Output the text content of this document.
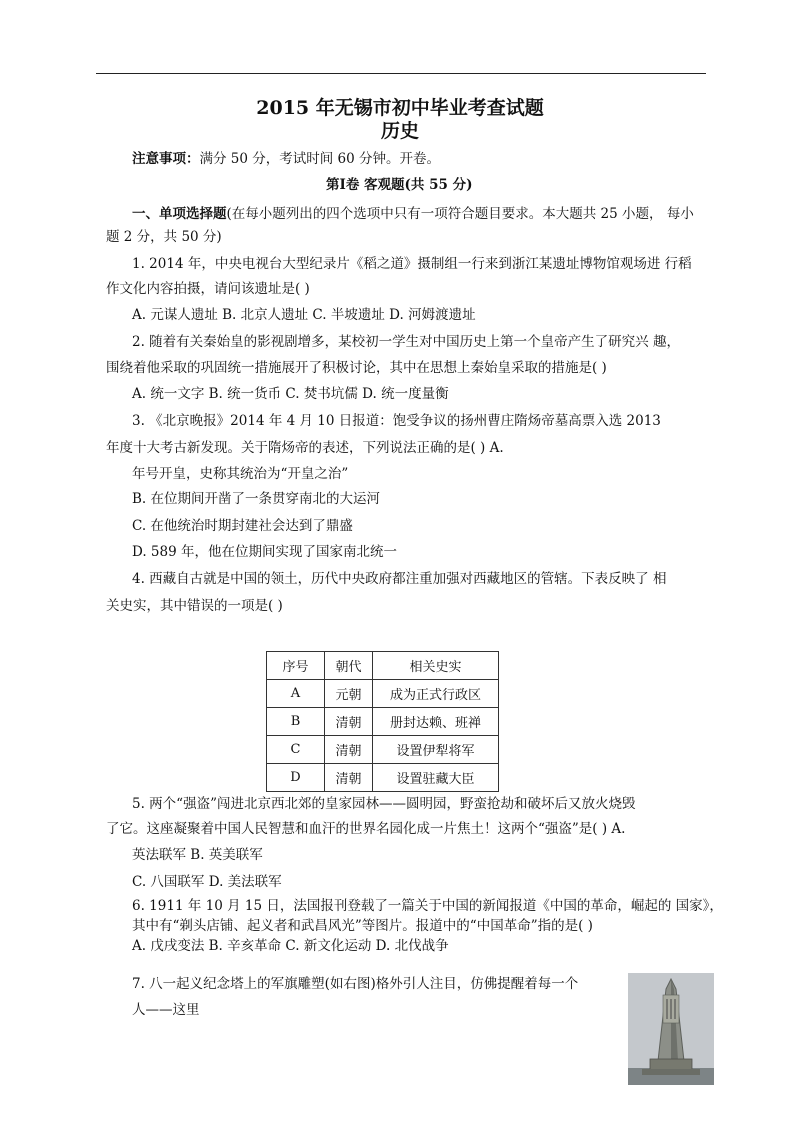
2015 年无锡市初中毕业考查试题
历史
注意事项：满分 50 分，考试时间 60 分钟。开卷。
第Ⅰ卷 客观题(共 55 分)
一、单项选择题(在每小题列出的四个选项中只有一项符合题目要求。本大题共 25 小题， 每小
题 2 分，共 50 分)
1. 2014 年，中央电视台大型纪录片《稻之道》摄制组一行来到浙江某遗址博物馆观场进 行稻
作文化内容拍摄，请问该遗址是( )
A. 元谋人遗址 B. 北京人遗址 C. 半坡遗址 D. 河姆渡遗址
2. 随着有关秦始皇的影视剧增多，某校初一学生对中国历史上第一个皇帝产生了研究兴 趣，
围绕着他采取的巩固统一措施展开了积极讨论，其中在思想上秦始皇采取的措施是( )
A. 统一文字 B. 统一货币 C. 焚书坑儒 D. 统一度量衡
3. 《北京晚报》2014 年 4 月 10 日报道：饱受争议的扬州曹庄隋炀帝墓高票入选 2013
年度十大考古新发现。关于隋炀帝的表述，下列说法正确的是( ) A.
年号开皇，史称其统治为“开皇之治”
B. 在位期间开凿了一条贯穿南北的大运河
C. 在他统治时期封建社会达到了鼎盛
D. 589 年，他在位期间实现了国家南北统一
4. 西藏自古就是中国的领土，历代中央政府都注重加强对西藏地区的管辖。下表反映了 相
关史实，其中错误的一项是( )
序号	朝代	相关史实
A	元朝	成为正式行政区
B	清朝	册封达赖、班禅
C	清朝	设置伊犁将军
D	清朝	设置驻藏大臣
5. 两个“强盗”闯进北京西北郊的皇家园林——圆明园，野蛮抢劫和破坏后又放火烧毁
了它。这座凝聚着中国人民智慧和血汗的世界名园化成一片焦土！这两个“强盗”是( ) A.
英法联军 B. 英美联军
C. 八国联军 D. 美法联军
6. 1911 年 10 月 15 日，法国报刊登载了一篇关于中国的新闻报道《中国的革命，崛起的 国家》，
其中有“剃头店铺、起义者和武昌风光”等图片。报道中的“中国革命”指的是( )
A. 戊戌变法 B. 辛亥革命 C. 新文化运动 D. 北伐战争
7. 八一起义纪念塔上的军旗雕塑(如右图)格外引人注目，仿佛提醒着每一个
人——这里
